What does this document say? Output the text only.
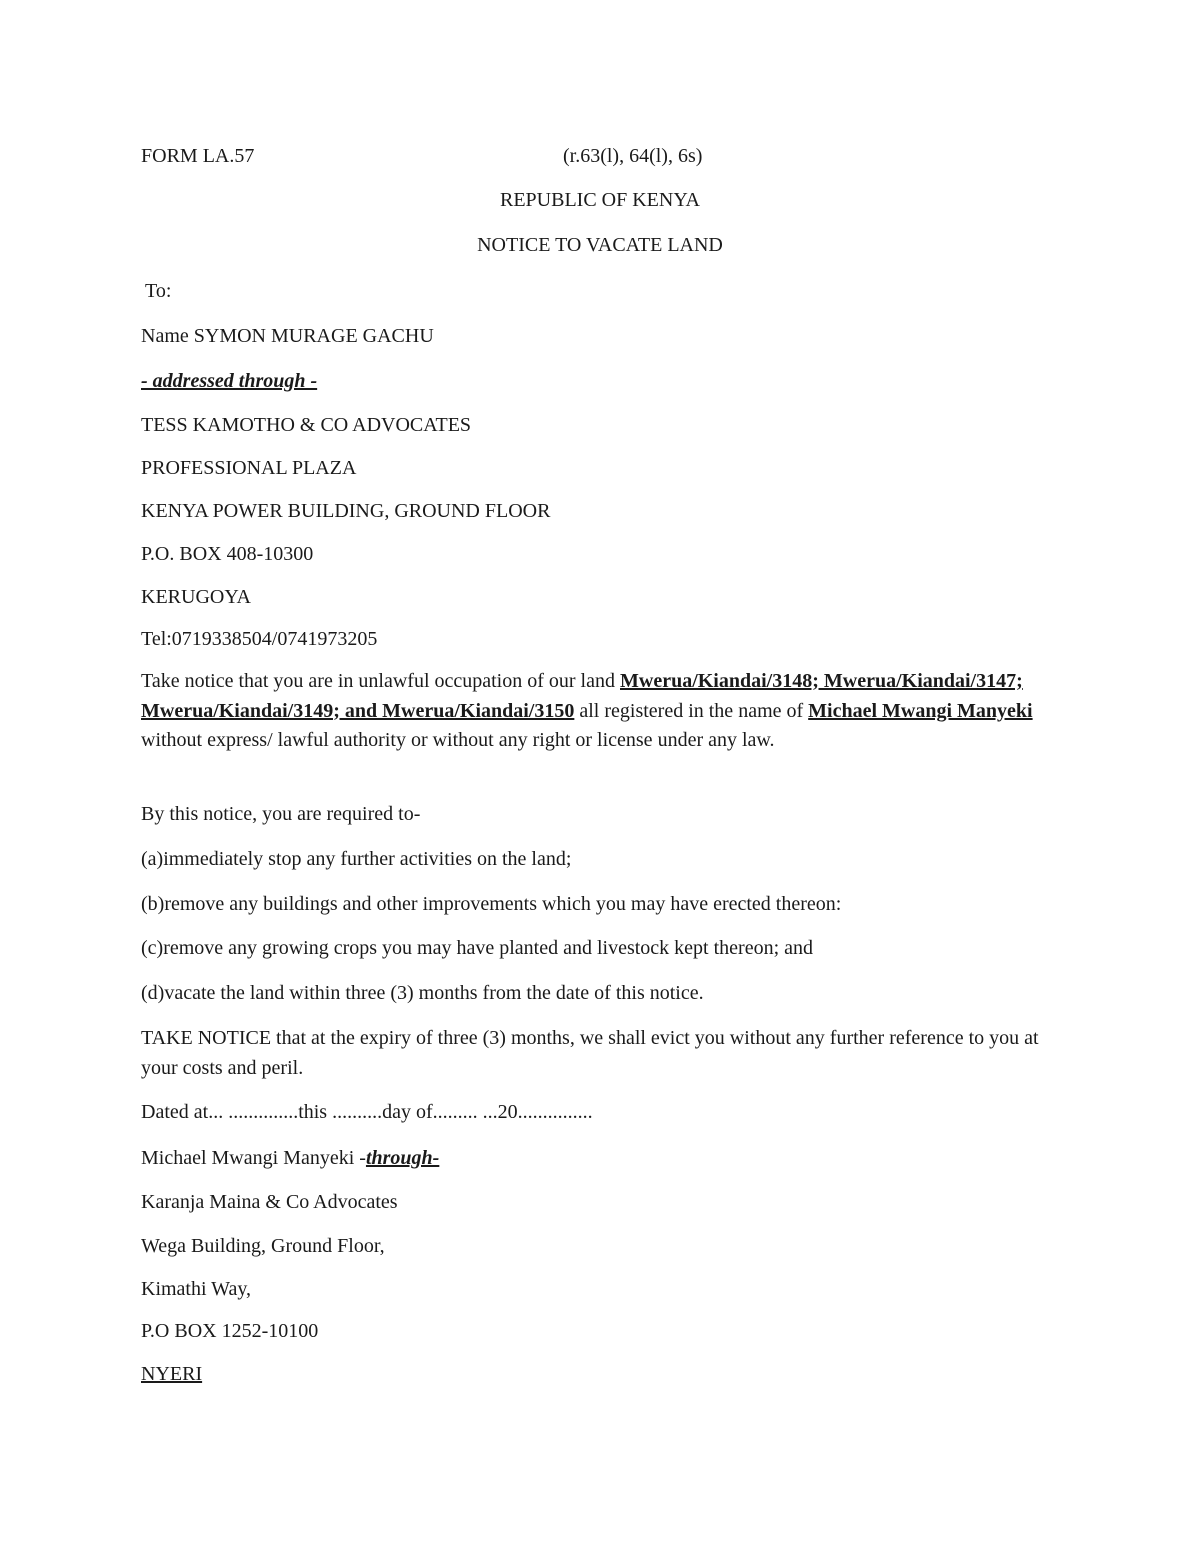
FORM LA.57	(r.63(l), 64(l), 6s)
REPUBLIC OF KENYA
NOTICE TO VACATE LAND
To:
Name SYMON MURAGE GACHU
- addressed through -
TESS KAMOTHO & CO ADVOCATES
PROFESSIONAL PLAZA
KENYA POWER BUILDING, GROUND FLOOR
P.O. BOX 408-10300
KERUGOYA
Tel:0719338504/0741973205
Take notice that you are in unlawful occupation of our land Mwerua/Kiandai/3148; Mwerua/Kiandai/3147; Mwerua/Kiandai/3149; and Mwerua/Kiandai/3150 all registered in the name of Michael Mwangi Manyeki without express/ lawful authority or without any right or license under any law.
By this notice, you are required to-
(a)immediately stop any further activities on the land;
(b)remove any buildings and other improvements which you may have erected thereon:
(c)remove any growing crops you may have planted and livestock kept thereon; and
(d)vacate the land within three (3) months from the date of this notice.
TAKE NOTICE that at the expiry of three (3) months, we shall evict you without any further reference to you at your costs and peril.
Dated at... ..............this ..........day of......... ...20...............
Michael Mwangi Manyeki -through-
Karanja Maina & Co Advocates
Wega Building, Ground Floor,
Kimathi Way,
P.O BOX 1252-10100
NYERI
